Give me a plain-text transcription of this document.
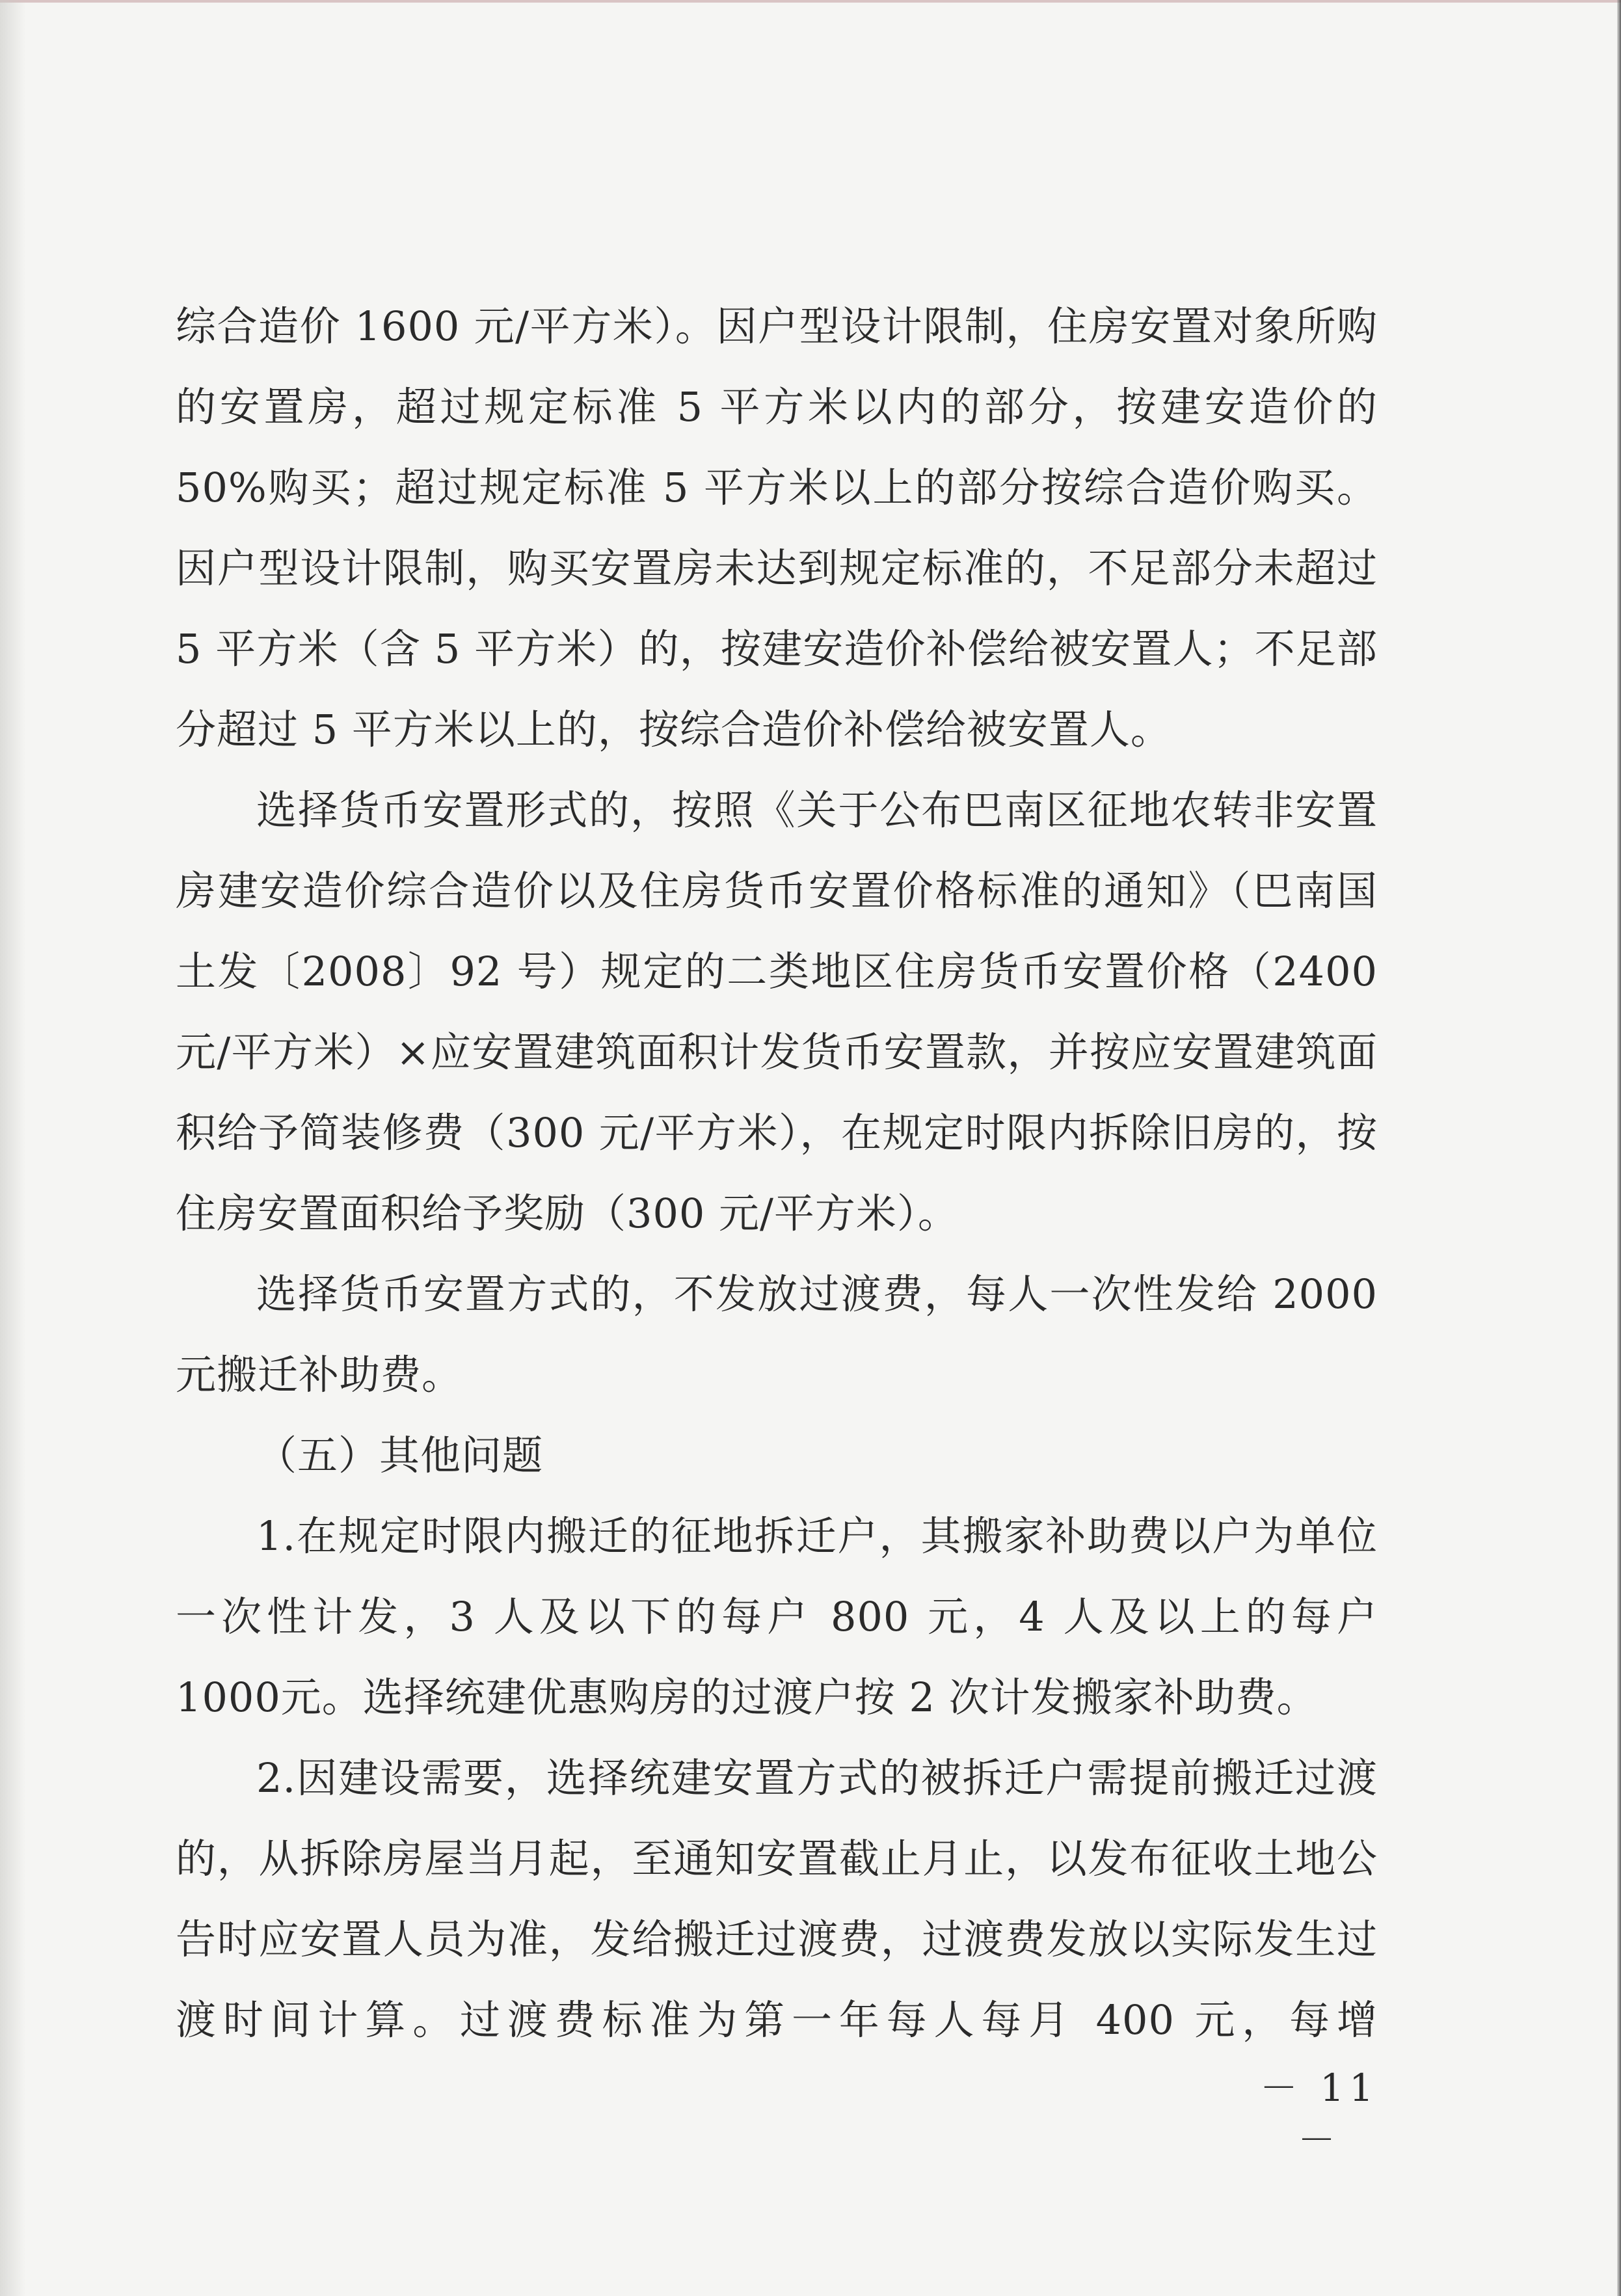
综合造价 1600 元/平方米）。因户型设计限制，住房安置对象所购的安置房，超过规定标准 5 平方米以内的部分，按建安造价的50%购买；超过规定标准 5 平方米以上的部分按综合造价购买。因户型设计限制，购买安置房未达到规定标准的，不足部分未超过 5 平方米（含 5 平方米）的，按建安造价补偿给被安置人；不足部分超过 5 平方米以上的，按综合造价补偿给被安置人。

选择货币安置形式的，按照《关于公布巴南区征地农转非安置房建安造价综合造价以及住房货币安置价格标准的通知》（巴南国土发〔2008〕92 号）规定的二类地区住房货币安置价格（2400元/平方米）×应安置建筑面积计发货币安置款，并按应安置建筑面积给予简装修费（300 元/平方米），在规定时限内拆除旧房的，按住房安置面积给予奖励（300 元/平方米）。

选择货币安置方式的，不发放过渡费，每人一次性发给 2000元搬迁补助费。

（五）其他问题

1.在规定时限内搬迁的征地拆迁户，其搬家补助费以户为单位一次性计发，3 人及以下的每户 800 元，4 人及以上的每户 1000元。选择统建优惠购房的过渡户按 2 次计发搬家补助费。

2.因建设需要，选择统建安置方式的被拆迁户需提前搬迁过渡的，从拆除房屋当月起，至通知安置截止月止，以发布征收土地公告时应安置人员为准，发给搬迁过渡费，过渡费发放以实际发生过渡时间计算。过渡费标准为第一年每人每月 400 元，每增

－ 11 －
